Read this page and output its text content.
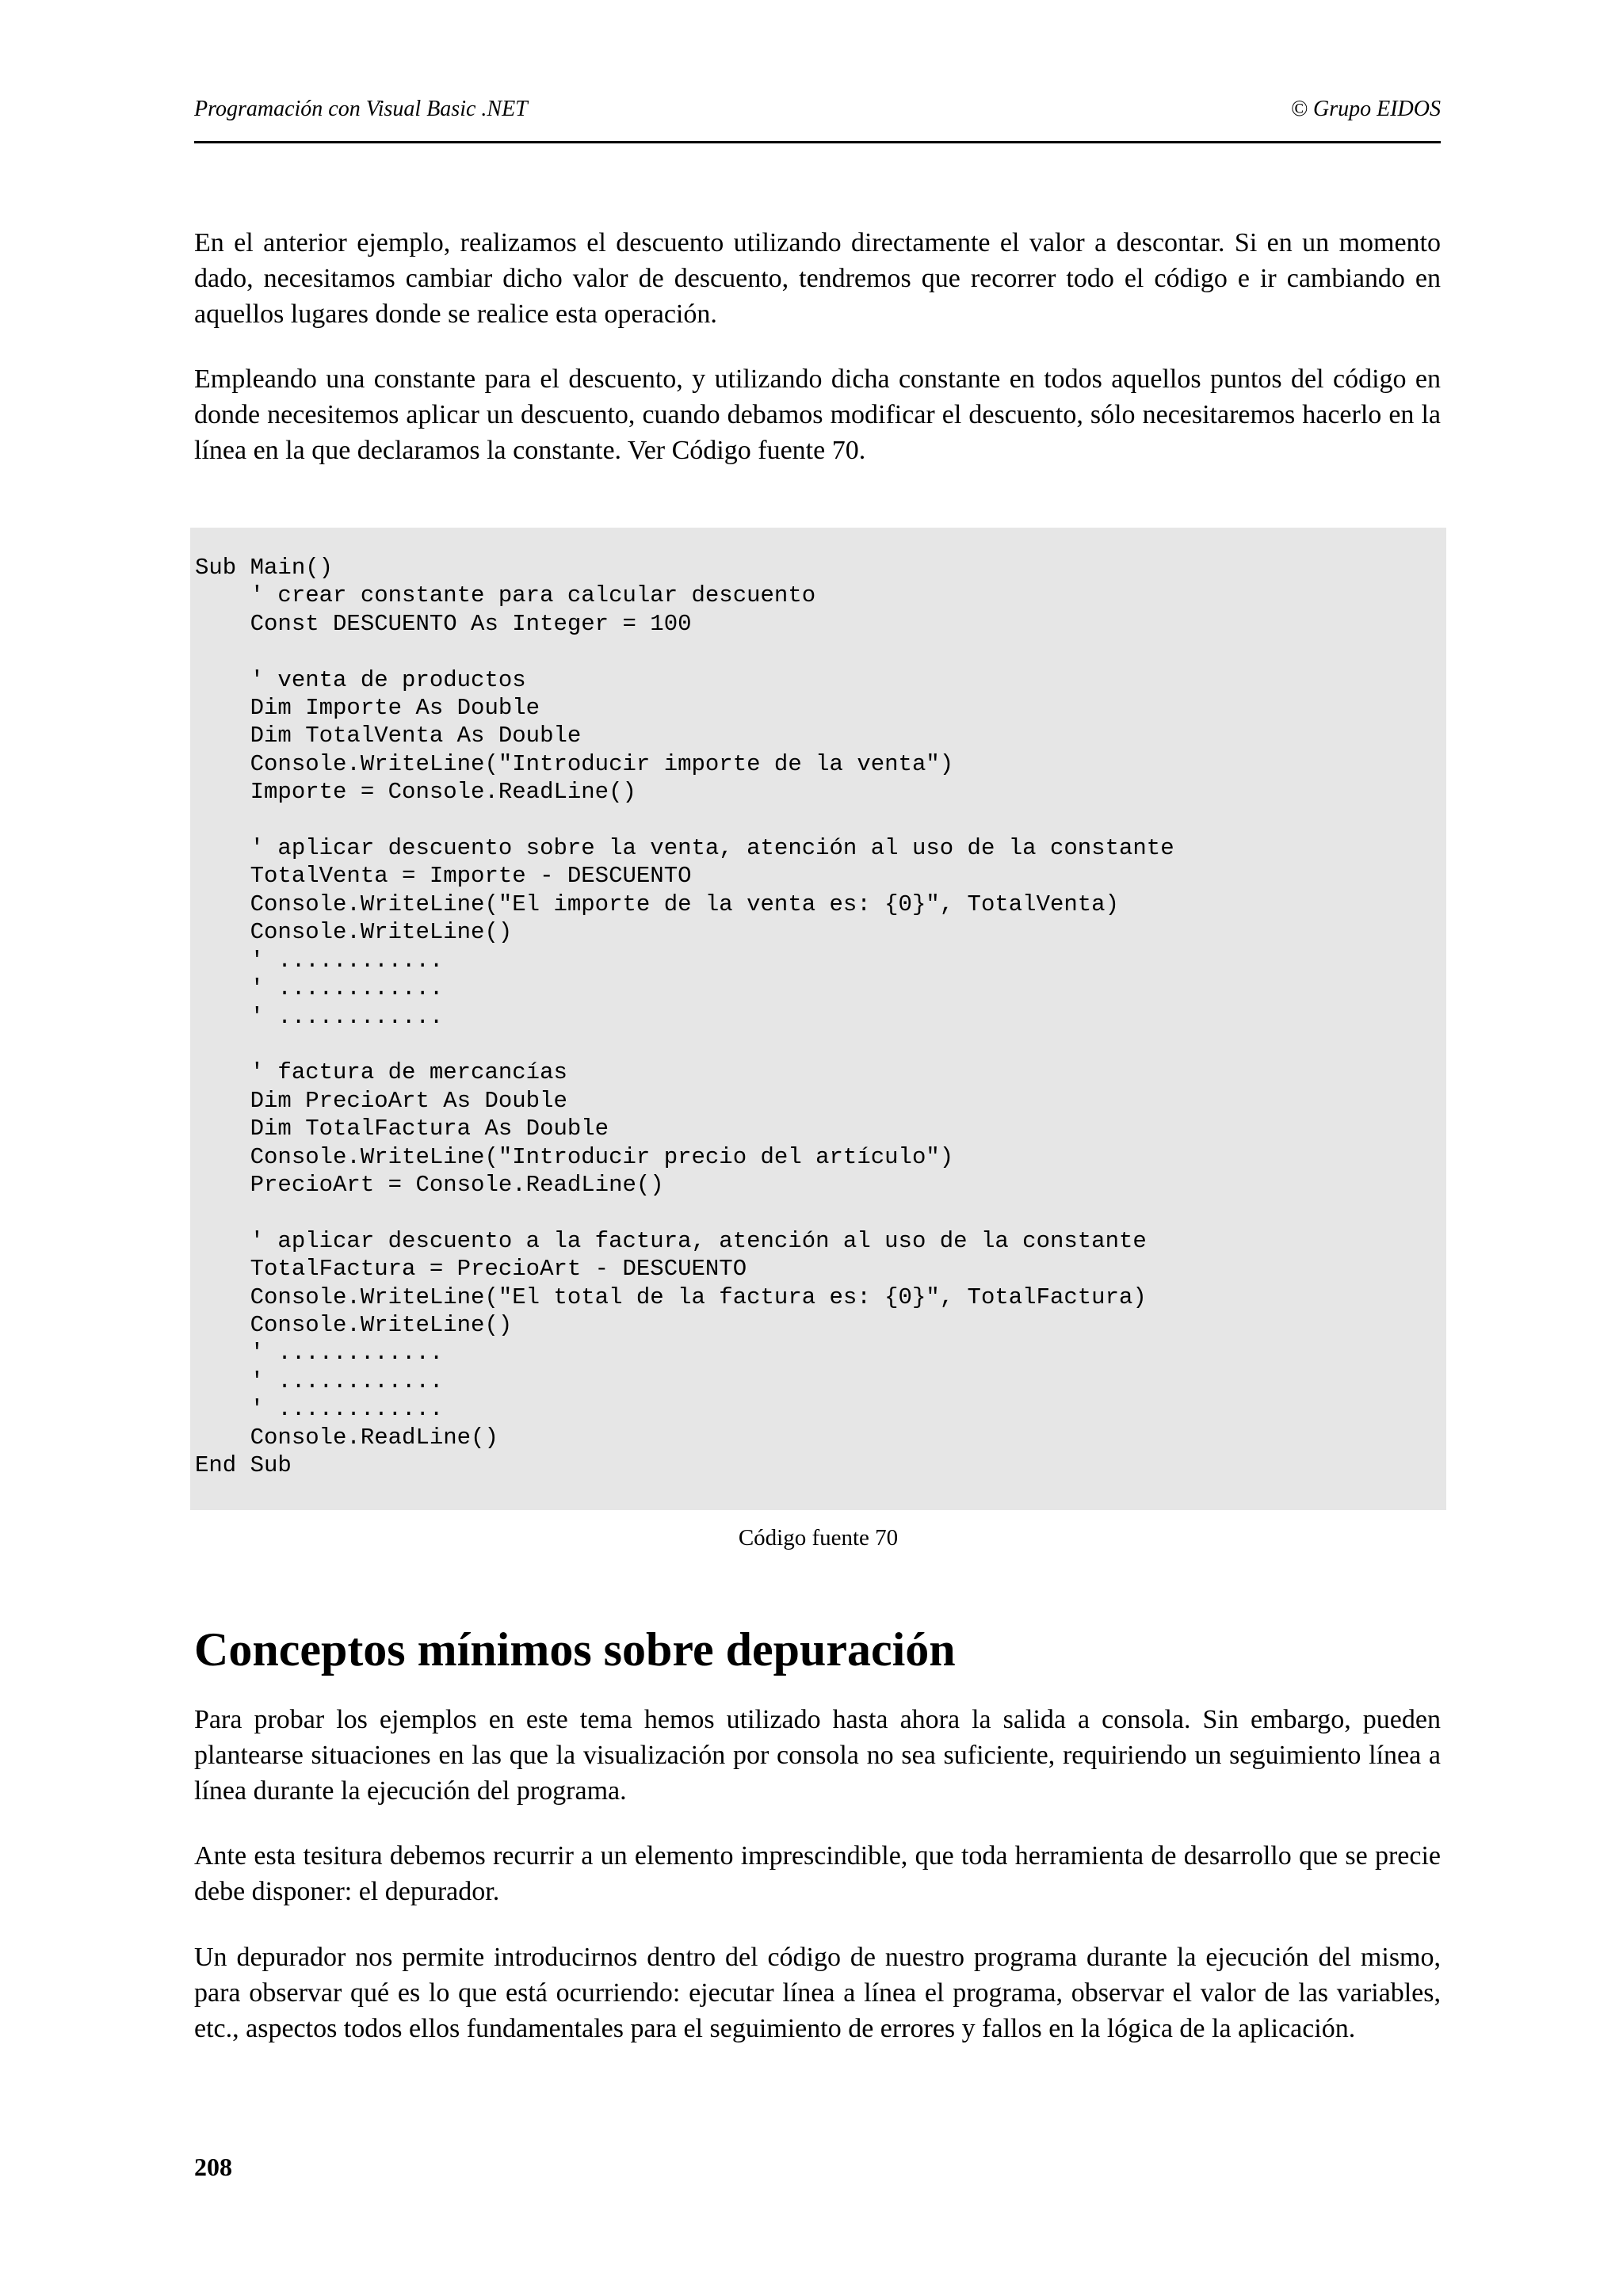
Programación con Visual Basic .NET	© Grupo EIDOS

En el anterior ejemplo, realizamos el descuento utilizando directamente el valor a descontar. Si en un momento dado, necesitamos cambiar dicho valor de descuento, tendremos que recorrer todo el código e ir cambiando en aquellos lugares donde se realice esta operación.

Empleando una constante para el descuento, y utilizando dicha constante en todos aquellos puntos del código en donde necesitemos aplicar un descuento, cuando debamos modificar el descuento, sólo necesitaremos hacerlo en la línea en la que declaramos la constante. Ver Código fuente 70.

Sub Main()
' crear constante para calcular descuento
Const DESCUENTO As Integer = 100

' venta de productos
Dim Importe As Double
Dim TotalVenta As Double
Console.WriteLine("Introducir importe de la venta")
Importe = Console.ReadLine()

' aplicar descuento sobre la venta, atención al uso de la constante
TotalVenta = Importe - DESCUENTO
Console.WriteLine("El importe de la venta es: {0}", TotalVenta)
Console.WriteLine()
' ............
' ............
' ............

' factura de mercancías
Dim PrecioArt As Double
Dim TotalFactura As Double
Console.WriteLine("Introducir precio del artículo")
PrecioArt = Console.ReadLine()

' aplicar descuento a la factura, atención al uso de la constante
TotalFactura = PrecioArt - DESCUENTO
Console.WriteLine("El total de la factura es: {0}", TotalFactura)
Console.WriteLine()
' ............
' ............
' ............
Console.ReadLine()
End Sub
Código fuente 70
Conceptos mínimos sobre depuración

Para probar los ejemplos en este tema hemos utilizado hasta ahora la salida a consola. Sin embargo, pueden plantearse situaciones en las que la visualización por consola no sea suficiente, requiriendo un seguimiento línea a línea durante la ejecución del programa.

Ante esta tesitura debemos recurrir a un elemento imprescindible, que toda herramienta de desarrollo que se precie debe disponer: el depurador.

Un depurador nos permite introducirnos dentro del código de nuestro programa durante la ejecución del mismo, para observar qué es lo que está ocurriendo: ejecutar línea a línea el programa, observar el valor de las variables, etc., aspectos todos ellos fundamentales para el seguimiento de errores y fallos en la lógica de la aplicación.

208
